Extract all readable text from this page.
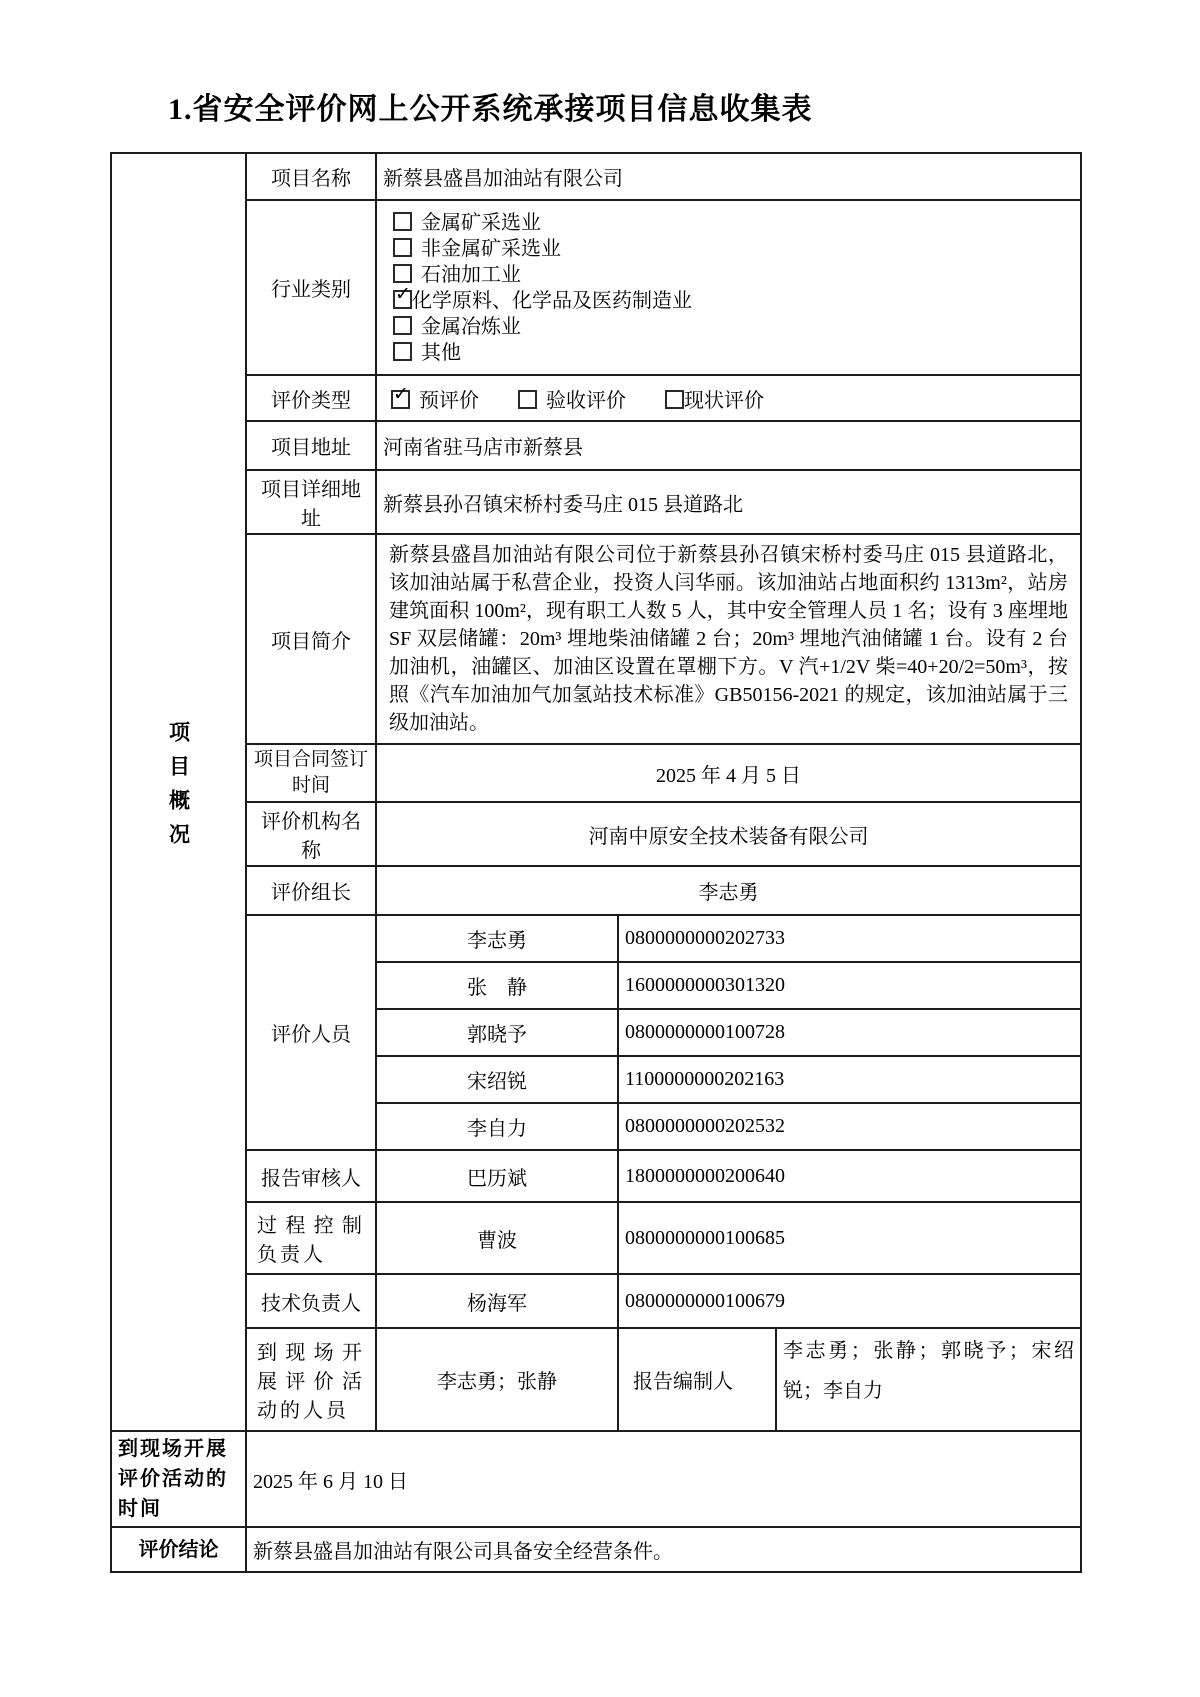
1.省安全评价网上公开系统承接项目信息收集表
项目概况	项目名称	新蔡县盛昌加油站有限公司		
行业类别	
金属矿采选业
非金属矿采选业
石油加工业
✓ 化学原料、化学品及医药制造业
金属冶炼业
其他

	评价类型	✓ 预评价 验收评价 现状评价		
	项目地址	河南省驻马店市新蔡县		
	项目详细地址	新蔡县孙召镇宋桥村委马庄 015 县道路北		
	项目简介	新蔡县盛昌加油站有限公司位于新蔡县孙召镇宋桥村委马庄 015 县道路北，该加油站属于私营企业，投资人闫华丽。该加油站占地面积约 1313m²，站房建筑面积 100m²，现有职工人数 5 人，其中安全管理人员 1 名；设有 3 座埋地 SF 双层储罐：20m³ 埋地柴油储罐 2 台；20m³ 埋地汽油储罐 1 台。设有 2 台加油机，油罐区、加油区设置在罩棚下方。V 汽+1/2V 柴=40+20/2=50m³，按照《汽车加油加气加氢站技术标准》GB50156-2021 的规定，该加油站属于三级加油站。		

	项目合同签订时间	2025 年 4 月 5 日		
	评价机构名称	河南中原安全技术装备有限公司		
	评价组长	李志勇		
	评价人员	李志勇	0800000000202733	
		张　静	1600000000301320	
		郭晓予	0800000000100728	
		宋绍锐	1100000000202163	
		李自力	0800000000202532	
	报告审核人	巴历斌	1800000000200640	
	过程控制负责人	曹波	0800000000100685	
	技术负责人	杨海军	0800000000100679	
	到现场开展评价活动的人员	李志勇；张静	报告编制人	李志勇；张静；郭晓予；宋绍锐；李自力
到现场开展评价活动的时间	2025 年 6 月 10 日			
评价结论	新蔡县盛昌加油站有限公司具备安全经营条件。			
